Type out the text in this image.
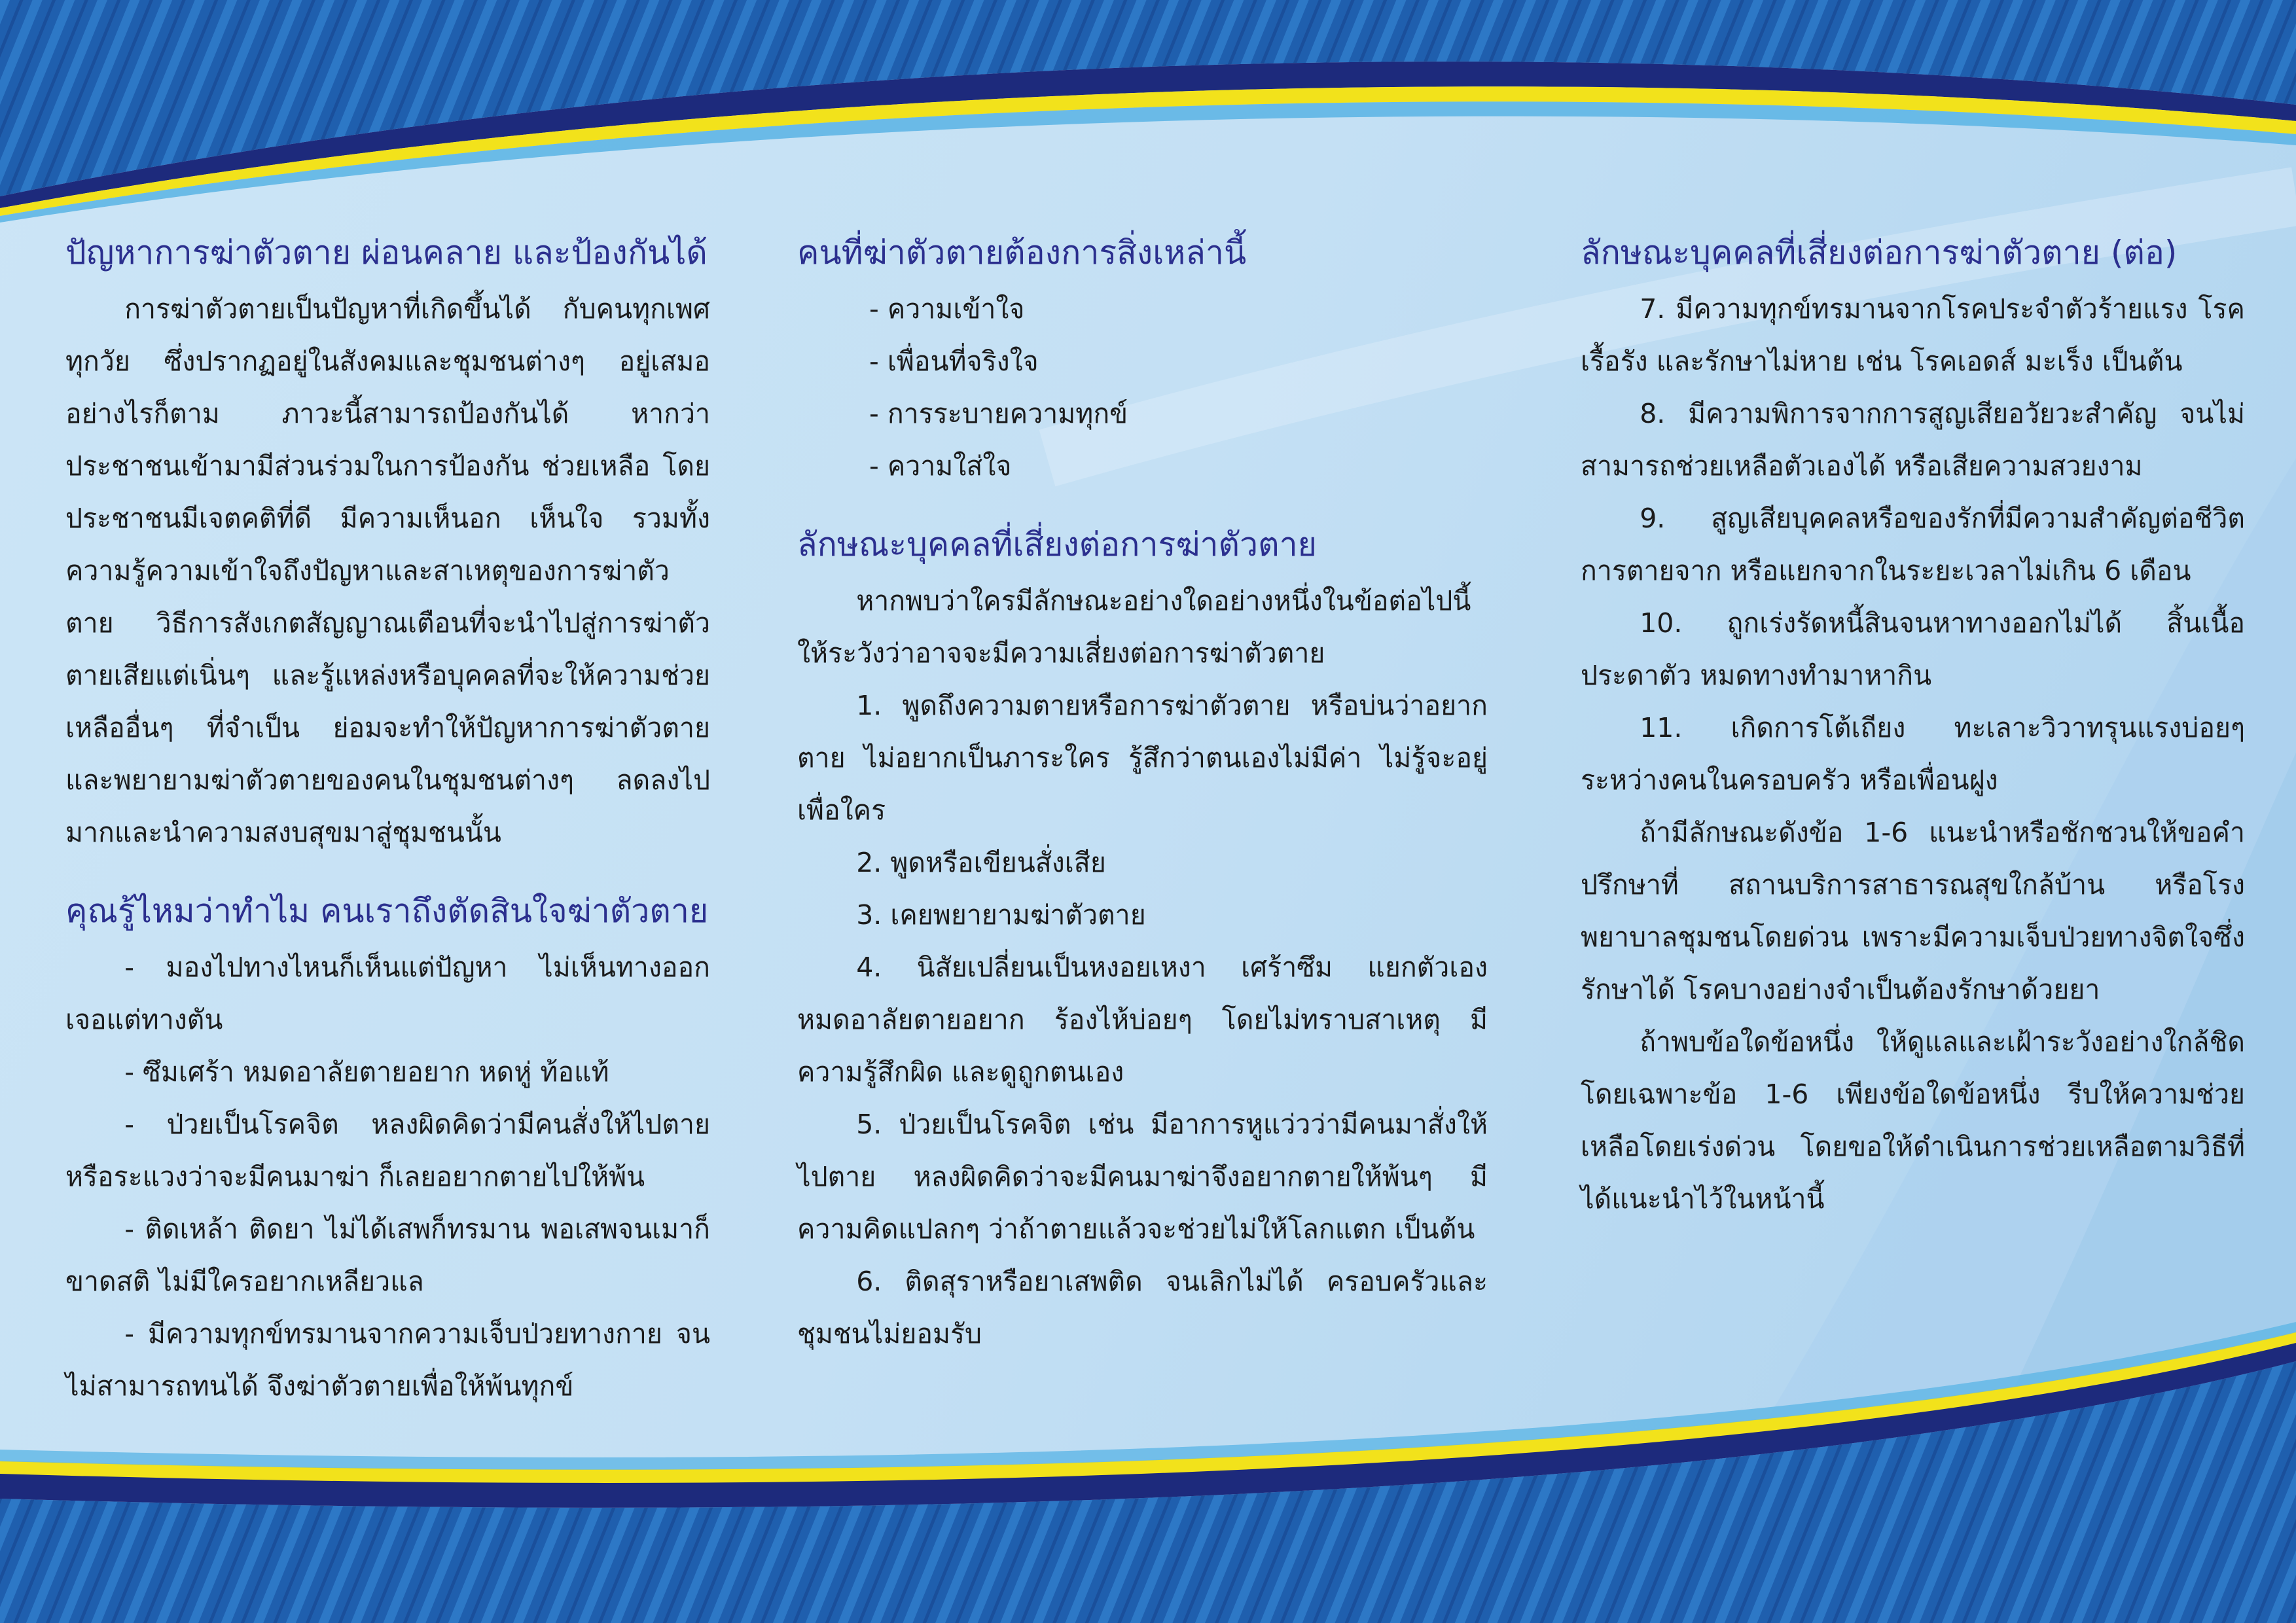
ปัญหาการฆ่าตัวตาย ผ่อนคลาย และป้องกันได้

การฆ่าตัวตายเป็นปัญหาที่เกิดขึ้นได้ กับคนทุกเพศทุกวัย ซึ่งปรากฏอยู่ในสังคมและชุมชนต่างๆ อยู่เสมอ อย่างไรก็ตาม ภาวะนี้สามารถป้องกันได้ หากว่าประชาชนเข้ามามีส่วนร่วมในการป้องกัน ช่วยเหลือ โดยประชาชนมีเจตคติที่ดี มีความเห็นอก เห็นใจ รวมทั้งความรู้ความเข้าใจถึงปัญหาและสาเหตุของการฆ่าตัวตาย วิธีการสังเกตสัญญาณเตือนที่จะนำไปสู่การฆ่าตัวตายเสียแต่เนิ่นๆ และรู้แหล่งหรือบุคคลที่จะให้ความช่วยเหลืออื่นๆ ที่จำเป็น ย่อมจะทำให้ปัญหาการฆ่าตัวตาย และพยายามฆ่าตัวตายของคนในชุมชนต่างๆ ลดลงไปมากและนำความสงบสุขมาสู่ชุมชนนั้น

คุณรู้ไหมว่าทำไม คนเราถึงตัดสินใจฆ่าตัวตาย

- มองไปทางไหนก็เห็นแต่ปัญหา ไม่เห็นทางออก เจอแต่ทางตัน

- ซึมเศร้า หมดอาลัยตายอยาก หดหู่ ท้อแท้

- ป่วยเป็นโรคจิต หลงผิดคิดว่ามีคนสั่งให้ไปตาย หรือระแวงว่าจะมีคนมาฆ่า ก็เลยอยากตายไปให้พ้น

- ติดเหล้า ติดยา ไม่ได้เสพก็ทรมาน พอเสพจนเมาก็ขาดสติ ไม่มีใครอยากเหลียวแล

- มีความทุกข์ทรมานจากความเจ็บป่วยทางกาย จนไม่สามารถทนได้ จึงฆ่าตัวตายเพื่อให้พ้นทุกข์

คนที่ฆ่าตัวตายต้องการสิ่งเหล่านี้

- ความเข้าใจ

- เพื่อนที่จริงใจ

- การระบายความทุกข์

- ความใส่ใจ

ลักษณะบุคคลที่เสี่ยงต่อการฆ่าตัวตาย

หากพบว่าใครมีลักษณะอย่างใดอย่างหนึ่งในข้อต่อไปนี้ ให้ระวังว่าอาจจะมีความเสี่ยงต่อการฆ่าตัวตาย

1. พูดถึงความตายหรือการฆ่าตัวตาย หรือบ่นว่าอยากตาย ไม่อยากเป็นภาระใคร รู้สึกว่าตนเองไม่มีค่า ไม่รู้จะอยู่เพื่อใคร

2. พูดหรือเขียนสั่งเสีย

3. เคยพยายามฆ่าตัวตาย

4. นิสัยเปลี่ยนเป็นหงอยเหงา เศร้าซึม แยกตัวเอง หมดอาลัยตายอยาก ร้องไห้บ่อยๆ โดยไม่ทราบสาเหตุ มีความรู้สึกผิด และดูถูกตนเอง

5. ป่วยเป็นโรคจิต เช่น มีอาการหูแว่วว่ามีคนมาสั่งให้ไปตาย หลงผิดคิดว่าจะมีคนมาฆ่าจึงอยากตายให้พ้นๆ มีความคิดแปลกๆ ว่าถ้าตายแล้วจะช่วยไม่ให้โลกแตก เป็นต้น

6. ติดสุราหรือยาเสพติด จนเลิกไม่ได้ ครอบครัวและชุมชนไม่ยอมรับ

ลักษณะบุคคลที่เสี่ยงต่อการฆ่าตัวตาย (ต่อ)

7. มีความทุกข์ทรมานจากโรคประจำตัวร้ายแรง โรคเรื้อรัง และรักษาไม่หาย เช่น โรคเอดส์ มะเร็ง เป็นต้น

8. มีความพิการจากการสูญเสียอวัยวะสำคัญ จนไม่สามารถช่วยเหลือตัวเองได้ หรือเสียความสวยงาม

9. สูญเสียบุคคลหรือของรักที่มีความสำคัญต่อชีวิต การตายจาก หรือแยกจากในระยะเวลาไม่เกิน 6 เดือน

10. ถูกเร่งรัดหนี้สินจนหาทางออกไม่ได้ สิ้นเนื้อประดาตัว หมดทางทำมาหากิน

11. เกิดการโต้เถียง ทะเลาะวิวาทรุนแรงบ่อยๆ ระหว่างคนในครอบครัว หรือเพื่อนฝูง

ถ้ามีลักษณะดังข้อ 1-6 แนะนำหรือชักชวนให้ขอคำปรึกษาที่ สถานบริการสาธารณสุขใกล้บ้าน หรือโรงพยาบาลชุมชนโดยด่วน เพราะมีความเจ็บป่วยทางจิตใจซึ่งรักษาได้ โรคบางอย่างจำเป็นต้องรักษาด้วยยา

ถ้าพบข้อใดข้อหนึ่ง ให้ดูแลและเฝ้าระวังอย่างใกล้ชิด โดยเฉพาะข้อ 1-6 เพียงข้อใดข้อหนึ่ง รีบให้ความช่วยเหลือโดยเร่งด่วน โดยขอให้ดำเนินการช่วยเหลือตามวิธีที่ได้แนะนำไว้ในหน้านี้
